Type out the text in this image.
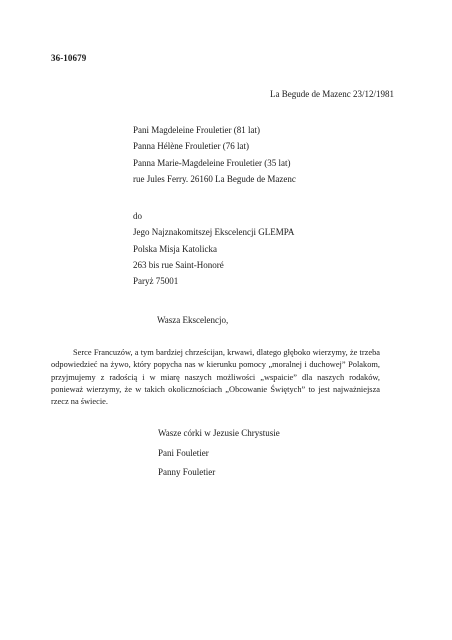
36-10679
La Begude de Mazenc 23/12/1981
Pani Magdeleine Frouletier (81 lat)
Panna Hélène Frouletier (76 lat)
Panna Marie-Magdeleine Frouletier (35 lat)
rue Jules Ferry. 26160 La Begude de Mazenc
do
Jego Najznakomitszej Ekscelencji GLEMPA
Polska Misja Katolicka
263 bis rue Saint-Honoré
Paryż 75001
Wasza Ekscelencjo,
Serce Francuzów, a tym bardziej chrześcijan, krwawi, dlatego głęboko wierzymy, że trzeba odpowiedzieć na żywo, który popycha nas w kierunku pomocy „moralnej i duchowej” Polakom, przyjmujemy z radością i w miarę naszych możliwości „wspaicie” dla naszych rodaków, ponieważ wierzymy, że w takich okolicznościach „Obcowanie Świętych” to jest najważniejsza rzecz na świecie.
Wasze córki w Jezusie Chrystusie
Pani Fouletier
Panny Fouletier
